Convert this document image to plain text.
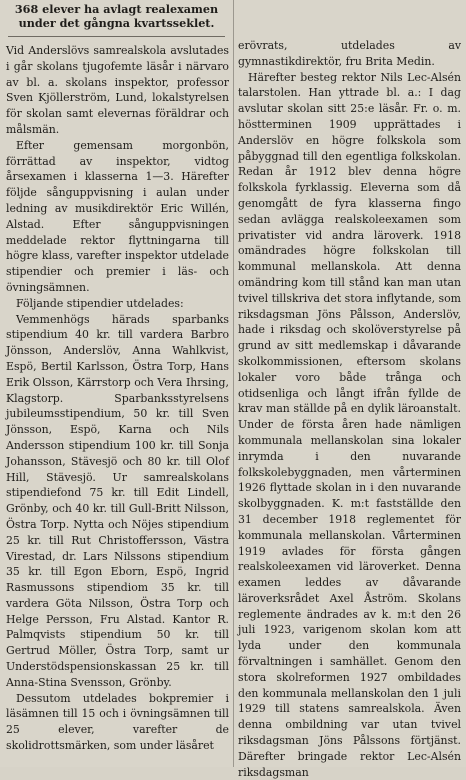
368 elever ha avlagt realexamen
under det gångna kvartsseklet.

Vid Anderslövs samrealskola avslutades i går skolans tjugofemte läsår i närvaro av bl. a. skolans inspektor, professor Sven Kjöllerström, Lund, lokalstyrelsen för skolan samt elevernas föräldrar och målsmän.

Efter gemensam morgonbön, förrättad av inspektor, vidtog årsexamen i klasserna 1—3. Härefter följde sånguppvisning i aulan under ledning av musikdirektör Eric Willén, Alstad. Efter sånguppvisningen meddelade rektor flyttningarna till högre klass, varefter inspektor utdelade stipendier och premier i läs- och övningsämnen.

Följande stipendier utdelades:

Vemmenhögs härads sparbanks stipendium 40 kr. till vardera Barbro Jönsson, Anderslöv, Anna Wahlkvist, Espö, Bertil Karlsson, Östra Torp, Hans Erik Olsson, Kärrstorp och Vera Ihrsing, Klagstorp. Sparbanksstyrelsens jubileumsstipendium, 50 kr. till Sven Jönsson, Espö, Karna och Nils Andersson stipendium 100 kr. till Sonja Johansson, Stävesjö och 80 kr. till Olof Hill, Stävesjö. Ur samrealskolans stipendiefond 75 kr. till Edit Lindell, Grönby, och 40 kr. till Gull-Britt Nilsson, Östra Torp. Nytta och Nöjes stipendium 25 kr. till Rut Christoffersson, Västra Virestad, dr. Lars Nilssons stipendium 35 kr. till Egon Eborn, Espö, Ingrid Rasmussons stipendiom 35 kr. till vardera Göta Nilsson, Östra Torp och Helge Persson, Fru Alstad. Kantor R. Palmqvists stipendium 50 kr. till Gertrud Möller, Östra Torp, samt ur Understödspensionskassan 25 kr. till Anna-Stina Svensson, Grönby.

Dessutom utdelades bokpremier i läsämnen till 15 och i övningsämnen till 25 elever, varefter de skolidrottsmärken, som under läsåret

erövrats, utdelades av gymnastikdirektör, fru Brita Medin.

Härefter besteg rektor Nils Lec-Alsén talarstolen. Han yttrade bl. a.: I dag avslutar skolan sitt 25:e läsår. Fr. o. m. höstterminen 1909 upprättades i Anderslöv en högre folkskola som påbyggnad till den egentliga folkskolan. Redan år 1912 blev denna högre folkskola fyrklassig. Eleverna som då genomgått de fyra klasserna fingo sedan avlägga realskoleexamen som privatister vid andra läroverk. 1918 omändrades högre folkskolan till kommunal mellanskola. Att denna omändring kom till stånd kan man utan tvivel tillskriva det stora inflytande, som riksdagsman Jöns Pålsson, Anderslöv, hade i riksdag och skolöverstyrelse på grund av sitt medlemskap i dåvarande skolkommissionen, eftersom skolans lokaler voro både trånga och otidsenliga och långt ifrån fyllde de krav man ställde på en dylik läroanstalt. Under de första åren hade nämligen kommunala mellanskolan sina lokaler inrymda i den nuvarande folkskolebyggnaden, men vårterminen 1926 flyttade skolan in i den nuvarande skolbyggnaden. K. m:t fastställde den 31 december 1918 reglementet för kommunala mellanskolan. Vårterminen 1919 avlades för första gången realskoleexamen vid läroverket. Denna examen leddes av dåvarande läroverksrådet Axel Åström. Skolans reglemente ändrades av k. m:t den 26 juli 1923, varigenom skolan kom att lyda under den kommunala förvaltningen i samhället. Genom den stora skolreformen 1927 ombildades den kommunala mellanskolan den 1 juli 1929 till statens samrealskola. Även denna ombildning var utan tvivel riksdagsman Jöns Pålssons förtjänst. Därefter bringade rektor Lec-Alsén riksdagsman
